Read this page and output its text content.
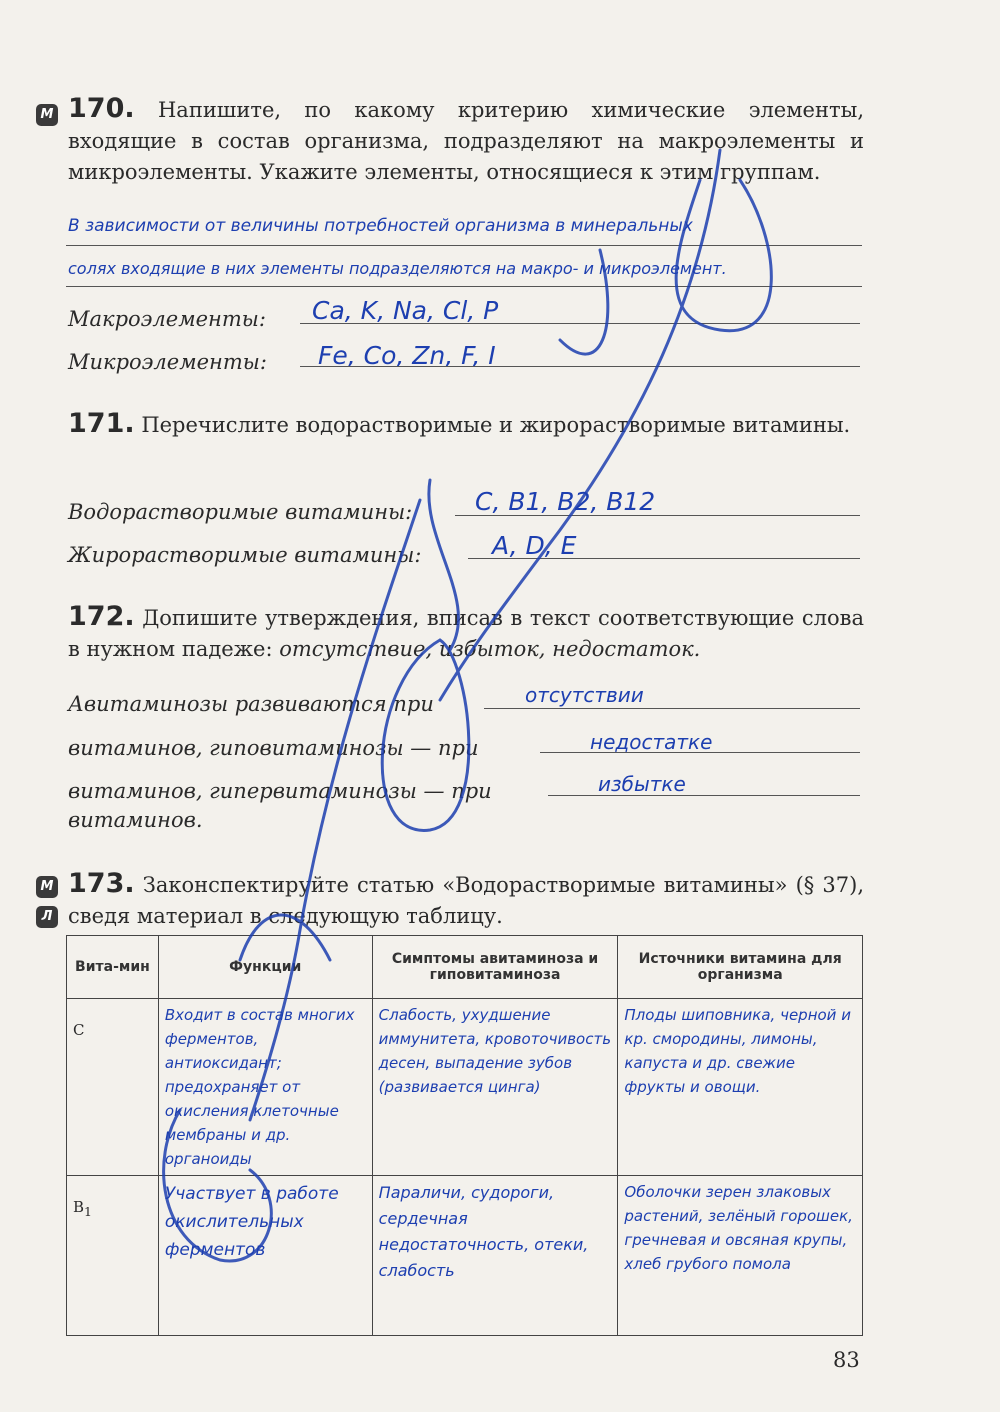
М 170. Напишите, по какому критерию химические элементы, входящие в состав организма, подразделяют на макроэлементы и микроэлементы. Укажите элементы, относящиеся к этим группам.
В зависимости от величины потребностей организма в минеральных
солях входящие в них элементы подразделяются на макро- и микроэлемент.
Макроэлементы: Ca, K, Na, Cl, P
Микроэлементы: Fe, Co, Zn, F, I
171. Перечислите водорастворимые и жирорастворимые витамины.
Водорастворимые витамины:	C, B1, B2, B12
Жирорастворимые витамины:	A, D, E
172. Допишите утверждения, вписав в текст соответствующие слова в нужном падеже: отсутствие, избыток, недостаток.
Авитаминозы развиваются при	отсутствии
витаминов, гиповитаминозы — при	недостатке
витаминов, гипервитаминозы — при	избытке
витаминов.
М
Л
173. Законспектируйте статью «Водорастворимые витамины» (§ 37), сведя материал в следующую таблицу.
Вита-мин	Функции	Симптомы авитаминоза и гиповитаминоза	Источники витамина для организма
C	Входит в состав многих ферментов, антиоксидант; предохраняет от окисления клеточные мембраны и др. органоиды	Слабость, ухудшение иммунитета, кровоточивость десен, выпадение зубов (развивается цинга)	Плоды шиповника, черной и кр. смородины, лимоны, капуста и др. свежие фрукты и овощи.
$B_1$	Участвует в работе окислительных ферментов	Параличи, судороги, сердечная недостаточность, отеки, слабость	Оболочки зерен злаковых растений, зелёный горошек, гречневая и овсяная крупы, хлеб грубого помола
83
